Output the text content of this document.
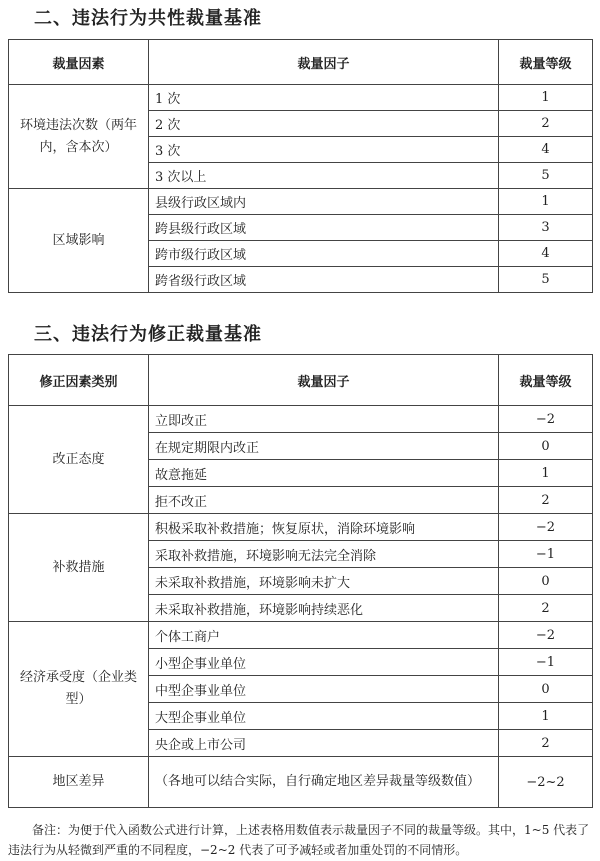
二、违法行为共性裁量基准
裁量因素	裁量因子	裁量等级
环境违法次数（两年内，含本次）	1 次	1
	2 次	2
	3 次	4
	3 次以上	5
区域影响	县级行政区域内	1
	跨县级行政区域	3
	跨市级行政区域	4
	跨省级行政区域	5
三、违法行为修正裁量基准
修正因素类别	裁量因子	裁量等级
改正态度	立即改正	−2
	在规定期限内改正	0
	故意拖延	1
	拒不改正	2
补救措施	积极采取补救措施；恢复原状，消除环境影响	−2
	采取补救措施，环境影响无法完全消除	−1
	未采取补救措施，环境影响未扩大	0
	未采取补救措施，环境影响持续恶化	2
经济承受度（企业类型）	个体工商户	−2
	小型企事业单位	−1
	中型企事业单位	0
	大型企事业单位	1
	央企或上市公司	2
地区差异	（各地可以结合实际，自行确定地区差异裁量等级数值）	−2~2
备注：为便于代入函数公式进行计算，上述表格用数值表示裁量因子不同的裁量等级。其中，1~5 代表了违法行为从轻微到严重的不同程度，−2~2 代表了可予减轻或者加重处罚的不同情形。
